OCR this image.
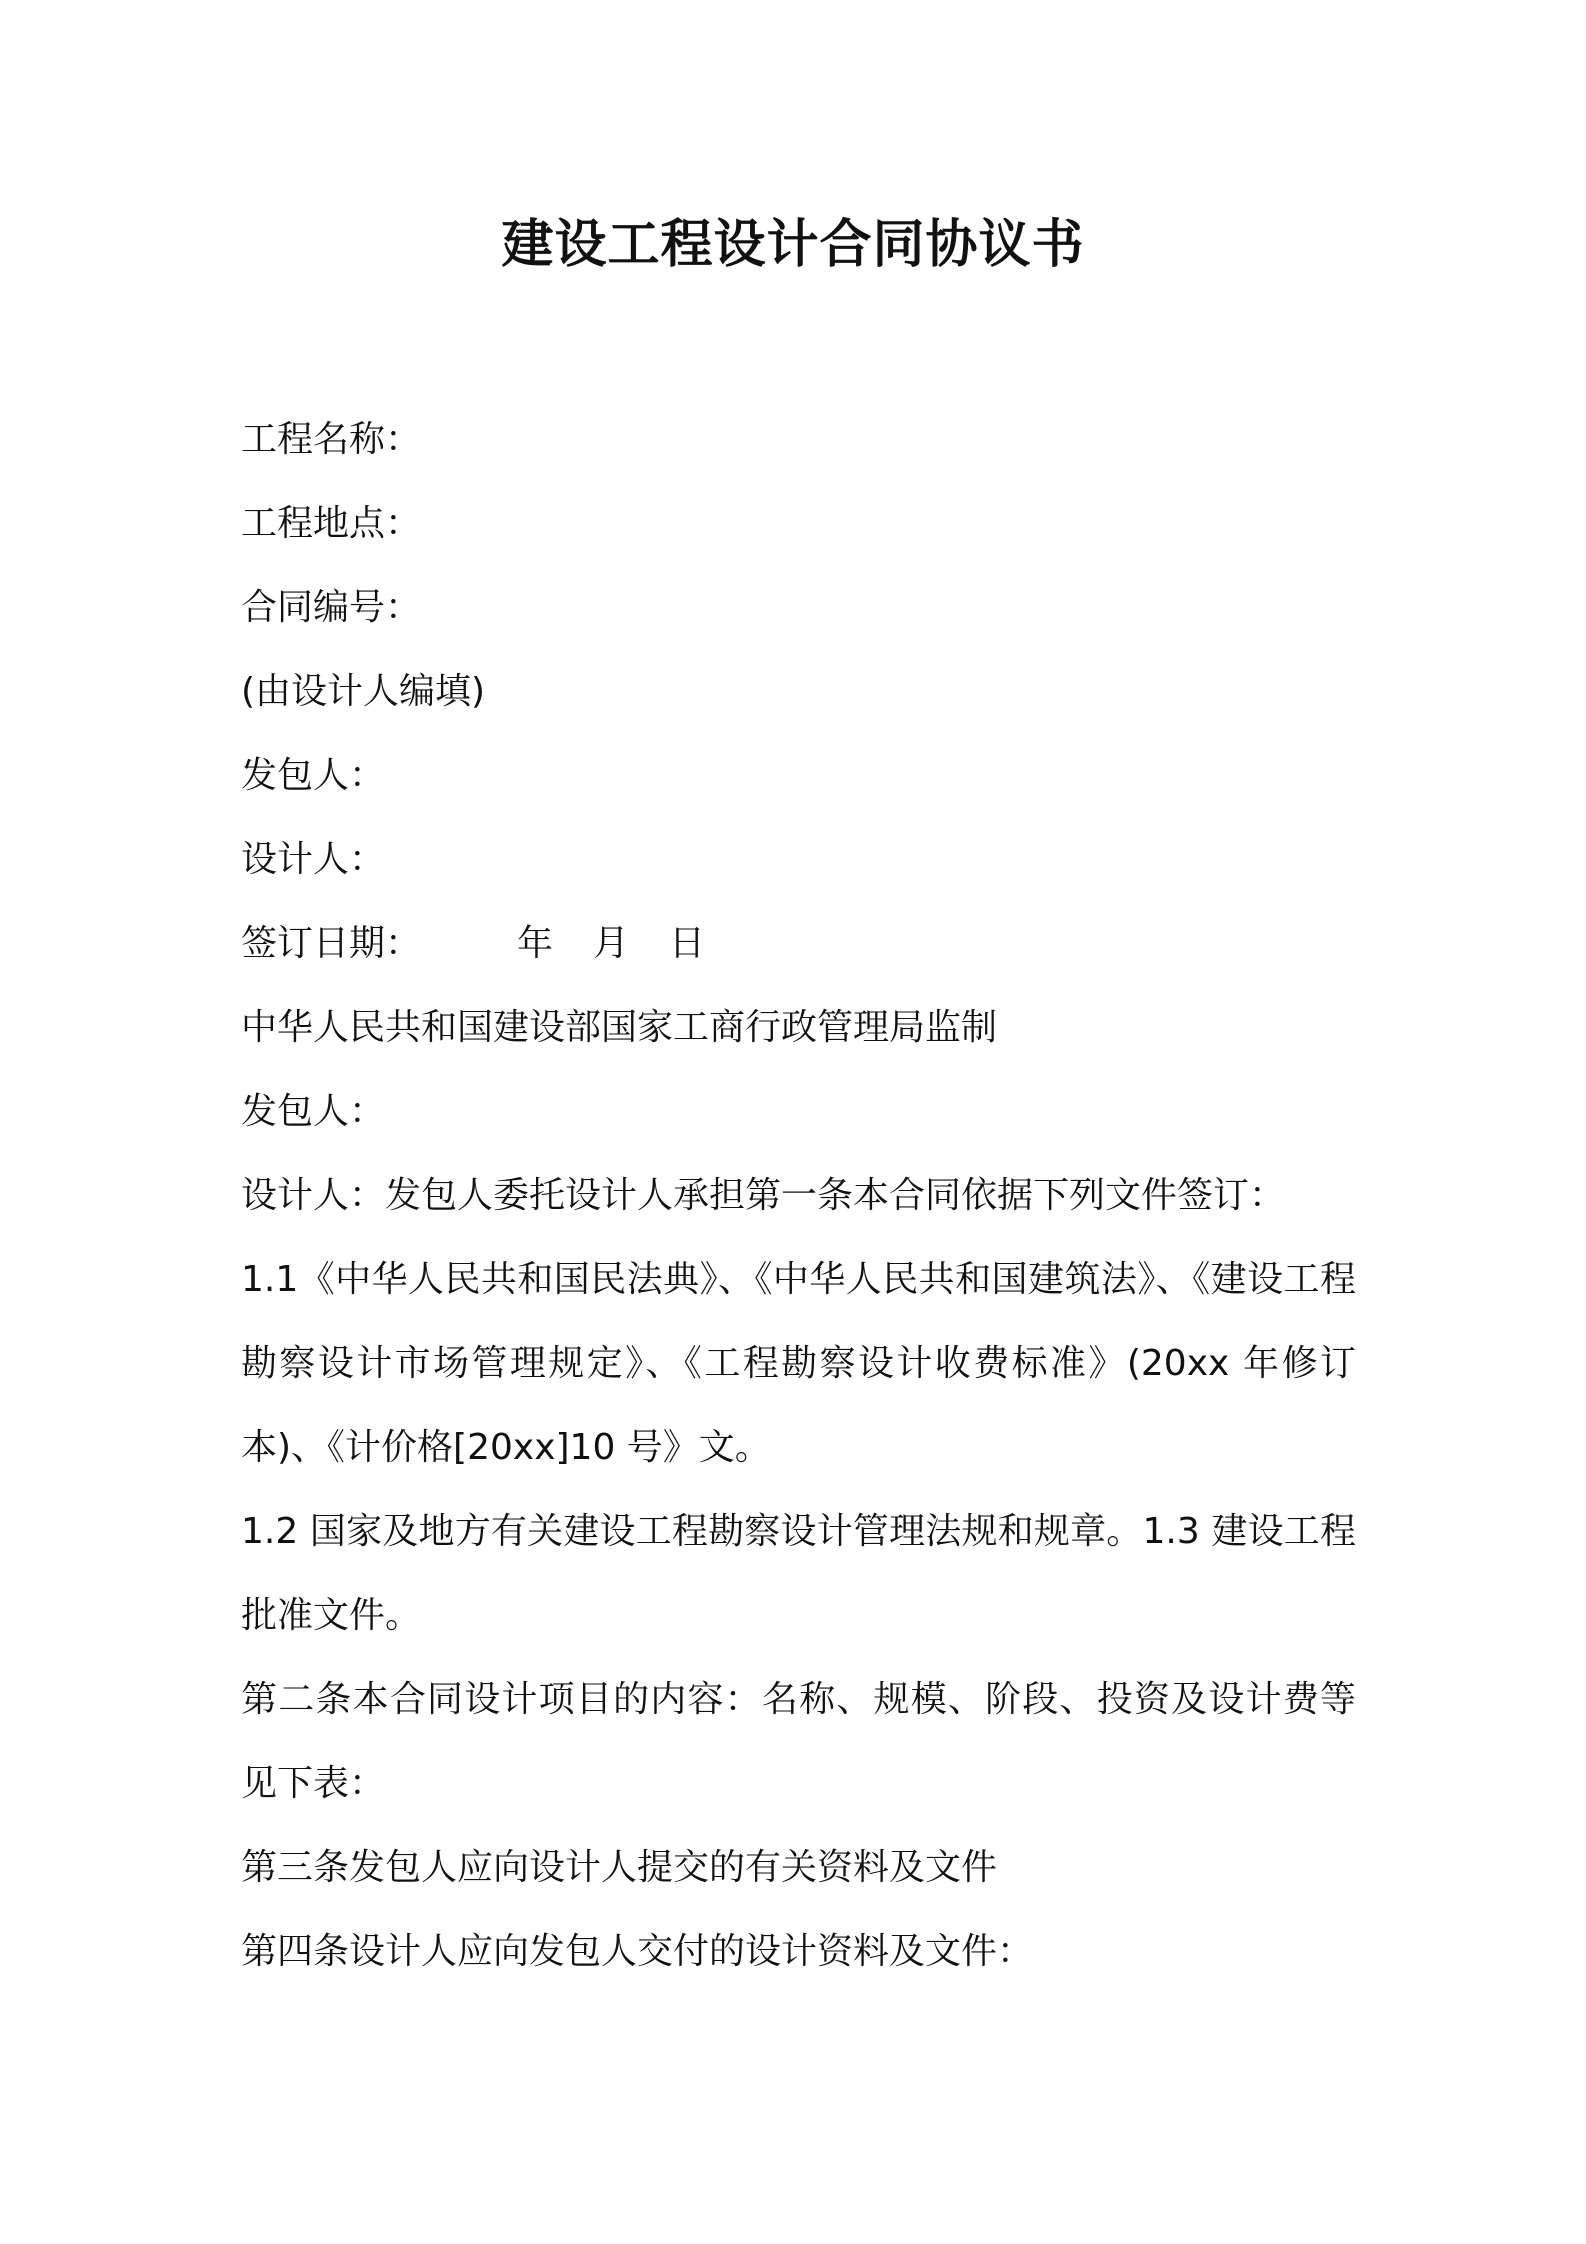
建设工程设计合同协议书

工程名称：

工程地点：

合同编号：

(由设计人编填)

发包人：

设计人：

签订日期：	年 月 日

中华人民共和国建设部国家工商行政管理局监制

发包人：

设计人：发包人委托设计人承担第一条本合同依据下列文件签订：

1.1《中华人民共和国民法典》、《中华人民共和国建筑法》、《建设工程勘察设计市场管理规定》、《工程勘察设计收费标准》(20xx 年修订本)、《计价格[20xx]10 号》文。

1.2 国家及地方有关建设工程勘察设计管理法规和规章。1.3 建设工程批准文件。

第二条本合同设计项目的内容：名称、规模、阶段、投资及设计费等见下表：

第三条发包人应向设计人提交的有关资料及文件

第四条设计人应向发包人交付的设计资料及文件：
